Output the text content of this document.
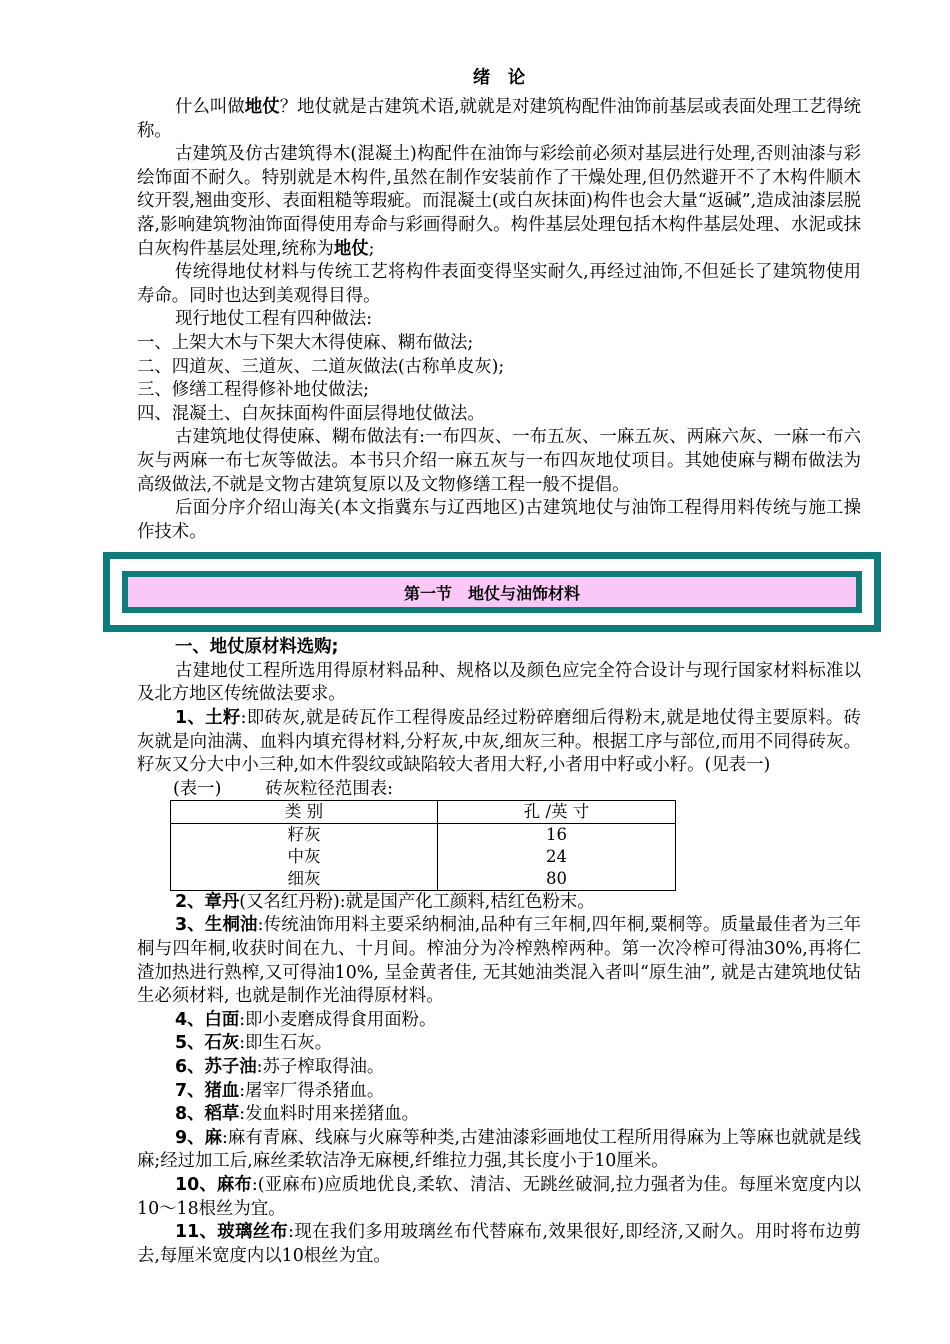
绪　论

什么叫做地仗？地仗就是古建筑术语,就就是对建筑构配件油饰前基层或表面处理工艺得统称。

古建筑及仿古建筑得木(混凝土)构配件在油饰与彩绘前必须对基层进行处理,否则油漆与彩绘饰面不耐久。特别就是木构件,虽然在制作安装前作了干燥处理,但仍然避开不了木构件顺木纹开裂,翘曲变形、表面粗糙等瑕疵。而混凝土(或白灰抹面)构件也会大量“返碱”,造成油漆层脱落,影响建筑物油饰面得使用寿命与彩画得耐久。构件基层处理包括木构件基层处理、水泥或抹白灰构件基层处理,统称为地仗;

传统得地仗材料与传统工艺将构件表面变得坚实耐久,再经过油饰,不但延长了建筑物使用寿命。同时也达到美观得目得。

现行地仗工程有四种做法:

一、上架大木与下架大木得使麻、糊布做法;

二、四道灰、三道灰、二道灰做法(古称单皮灰);

三、修缮工程得修补地仗做法;

四、混凝土、白灰抹面构件面层得地仗做法。

古建筑地仗得使麻、糊布做法有:一布四灰、一布五灰、一麻五灰、两麻六灰、一麻一布六灰与两麻一布七灰等做法。本书只介绍一麻五灰与一布四灰地仗项目。其她使麻与糊布做法为高级做法,不就是文物古建筑复原以及文物修缮工程一般不提倡。

后面分序介绍山海关(本文指冀东与辽西地区)古建筑地仗与油饰工程得用料传统与施工操作技术。

第一节　地仗与油饰材料

一、地仗原材料选购;

古建地仗工程所选用得原材料品种、规格以及颜色应完全符合设计与现行国家材料标准以及北方地区传统做法要求。

1、土籽:即砖灰,就是砖瓦作工程得废品经过粉碎磨细后得粉末,就是地仗得主要原料。砖灰就是向油满、血料内填充得材料,分籽灰,中灰,细灰三种。根据工序与部位,而用不同得砖灰。籽灰又分大中小三种,如木件裂纹或缺陷较大者用大籽,小者用中籽或小籽。(见表一)

(表一)	砖灰粒径范围表:

类 别	孔 /英 寸
籽灰	16
中灰	24
细灰	80

2、章丹(又名红丹粉):就是国产化工颜料,桔红色粉末。

3、生桐油:传统油饰用料主要采纳桐油,品种有三年桐,四年桐,粟桐等。质量最佳者为三年桐与四年桐,收获时间在九、十月间。榨油分为冷榨熟榨两种。第一次冷榨可得油30%,再将仁渣加热进行熟榨,又可得油10%, 呈金黄者佳, 无其她油类混入者叫“原生油”, 就是古建筑地仗钻生必须材料, 也就是制作光油得原材料。

4、白面:即小麦磨成得食用面粉。

5、石灰:即生石灰。

6、苏子油:苏子榨取得油。

7、猪血:屠宰厂得杀猪血。

8、稻草:发血料时用来搓猪血。

9、麻:麻有青麻、线麻与火麻等种类,古建油漆彩画地仗工程所用得麻为上等麻也就就是线麻;经过加工后,麻丝柔软洁净无麻梗,纤维拉力强,其长度小于10厘米。

10、麻布:(亚麻布)应质地优良,柔软、清洁、无跳丝破洞,拉力强者为佳。每厘米宽度内以10～18根丝为宜。

11、玻璃丝布:现在我们多用玻璃丝布代替麻布,效果很好,即经济,又耐久。用时将布边剪去,每厘米宽度内以10根丝为宜。
